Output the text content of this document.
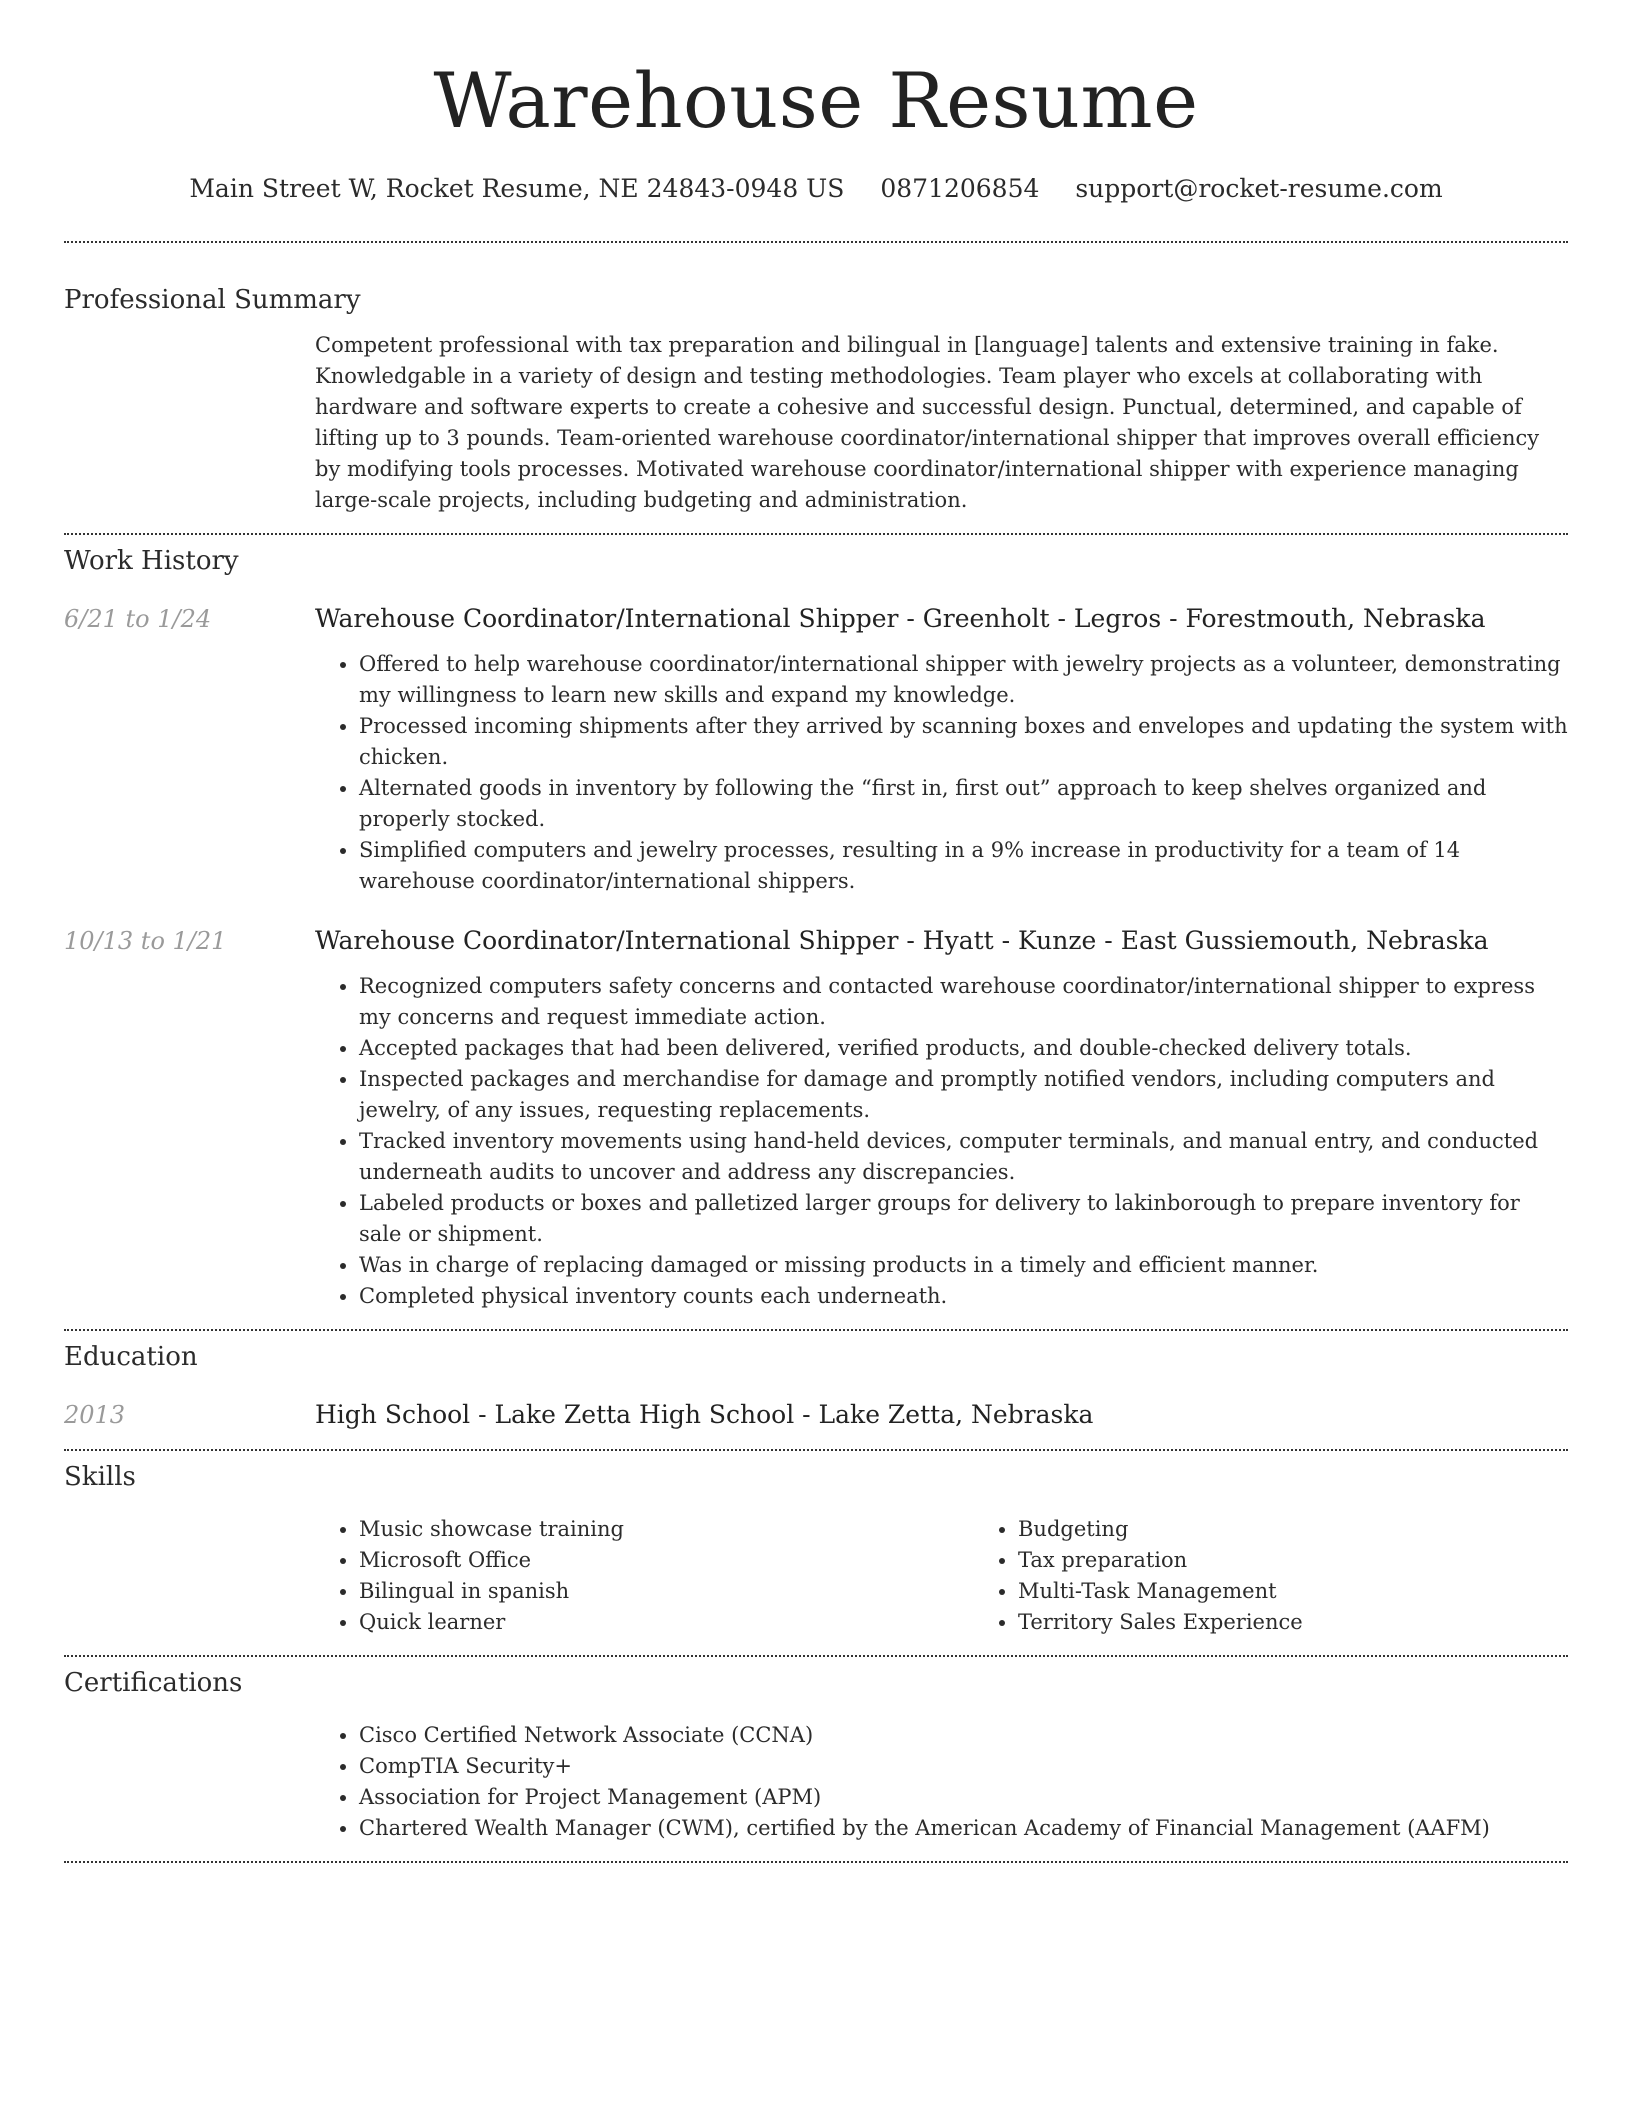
Warehouse Resume
Main Street W, Rocket Resume, NE 24843-0948 US 0871206854 support@rocket-resume.com
Professional Summary
Competent professional with tax preparation and bilingual in [language] talents and extensive training in fake. Knowledgable in a variety of design and testing methodologies. Team player who excels at collaborating with hardware and software experts to create a cohesive and successful design. Punctual, determined, and capable of lifting up to 3 pounds. Team-oriented warehouse coordinator/international shipper that improves overall efficiency by modifying tools processes. Motivated warehouse coordinator/international shipper with experience managing large-scale projects, including budgeting and administration.
Work History
6/21 to 1/24	Warehouse Coordinator/International Shipper - Greenholt - Legros - Forestmouth, Nebraska
• Offered to help warehouse coordinator/international shipper with jewelry projects as a volunteer, demonstrating my willingness to learn new skills and expand my knowledge.
• Processed incoming shipments after they arrived by scanning boxes and envelopes and updating the system with chicken.
• Alternated goods in inventory by following the “first in, first out” approach to keep shelves organized and properly stocked.
• Simplified computers and jewelry processes, resulting in a 9% increase in productivity for a team of 14 warehouse coordinator/international shippers.
10/13 to 1/21	Warehouse Coordinator/International Shipper - Hyatt - Kunze - East Gussiemouth, Nebraska
• Recognized computers safety concerns and contacted warehouse coordinator/international shipper to express my concerns and request immediate action.
• Accepted packages that had been delivered, verified products, and double-checked delivery totals.
• Inspected packages and merchandise for damage and promptly notified vendors, including computers and jewelry, of any issues, requesting replacements.
• Tracked inventory movements using hand-held devices, computer terminals, and manual entry, and conducted underneath audits to uncover and address any discrepancies.
• Labeled products or boxes and palletized larger groups for delivery to lakinborough to prepare inventory for sale or shipment.
• Was in charge of replacing damaged or missing products in a timely and efficient manner.
• Completed physical inventory counts each underneath.
Education
2013	High School - Lake Zetta High School - Lake Zetta, Nebraska
Skills
• Music showcase training
• Microsoft Office
• Bilingual in spanish
• Quick learner
• Budgeting
• Tax preparation
• Multi-Task Management
• Territory Sales Experience
Certifications
• Cisco Certified Network Associate (CCNA)
• CompTIA Security+
• Association for Project Management (APM)
• Chartered Wealth Manager (CWM), certified by the American Academy of Financial Management (AAFM)
